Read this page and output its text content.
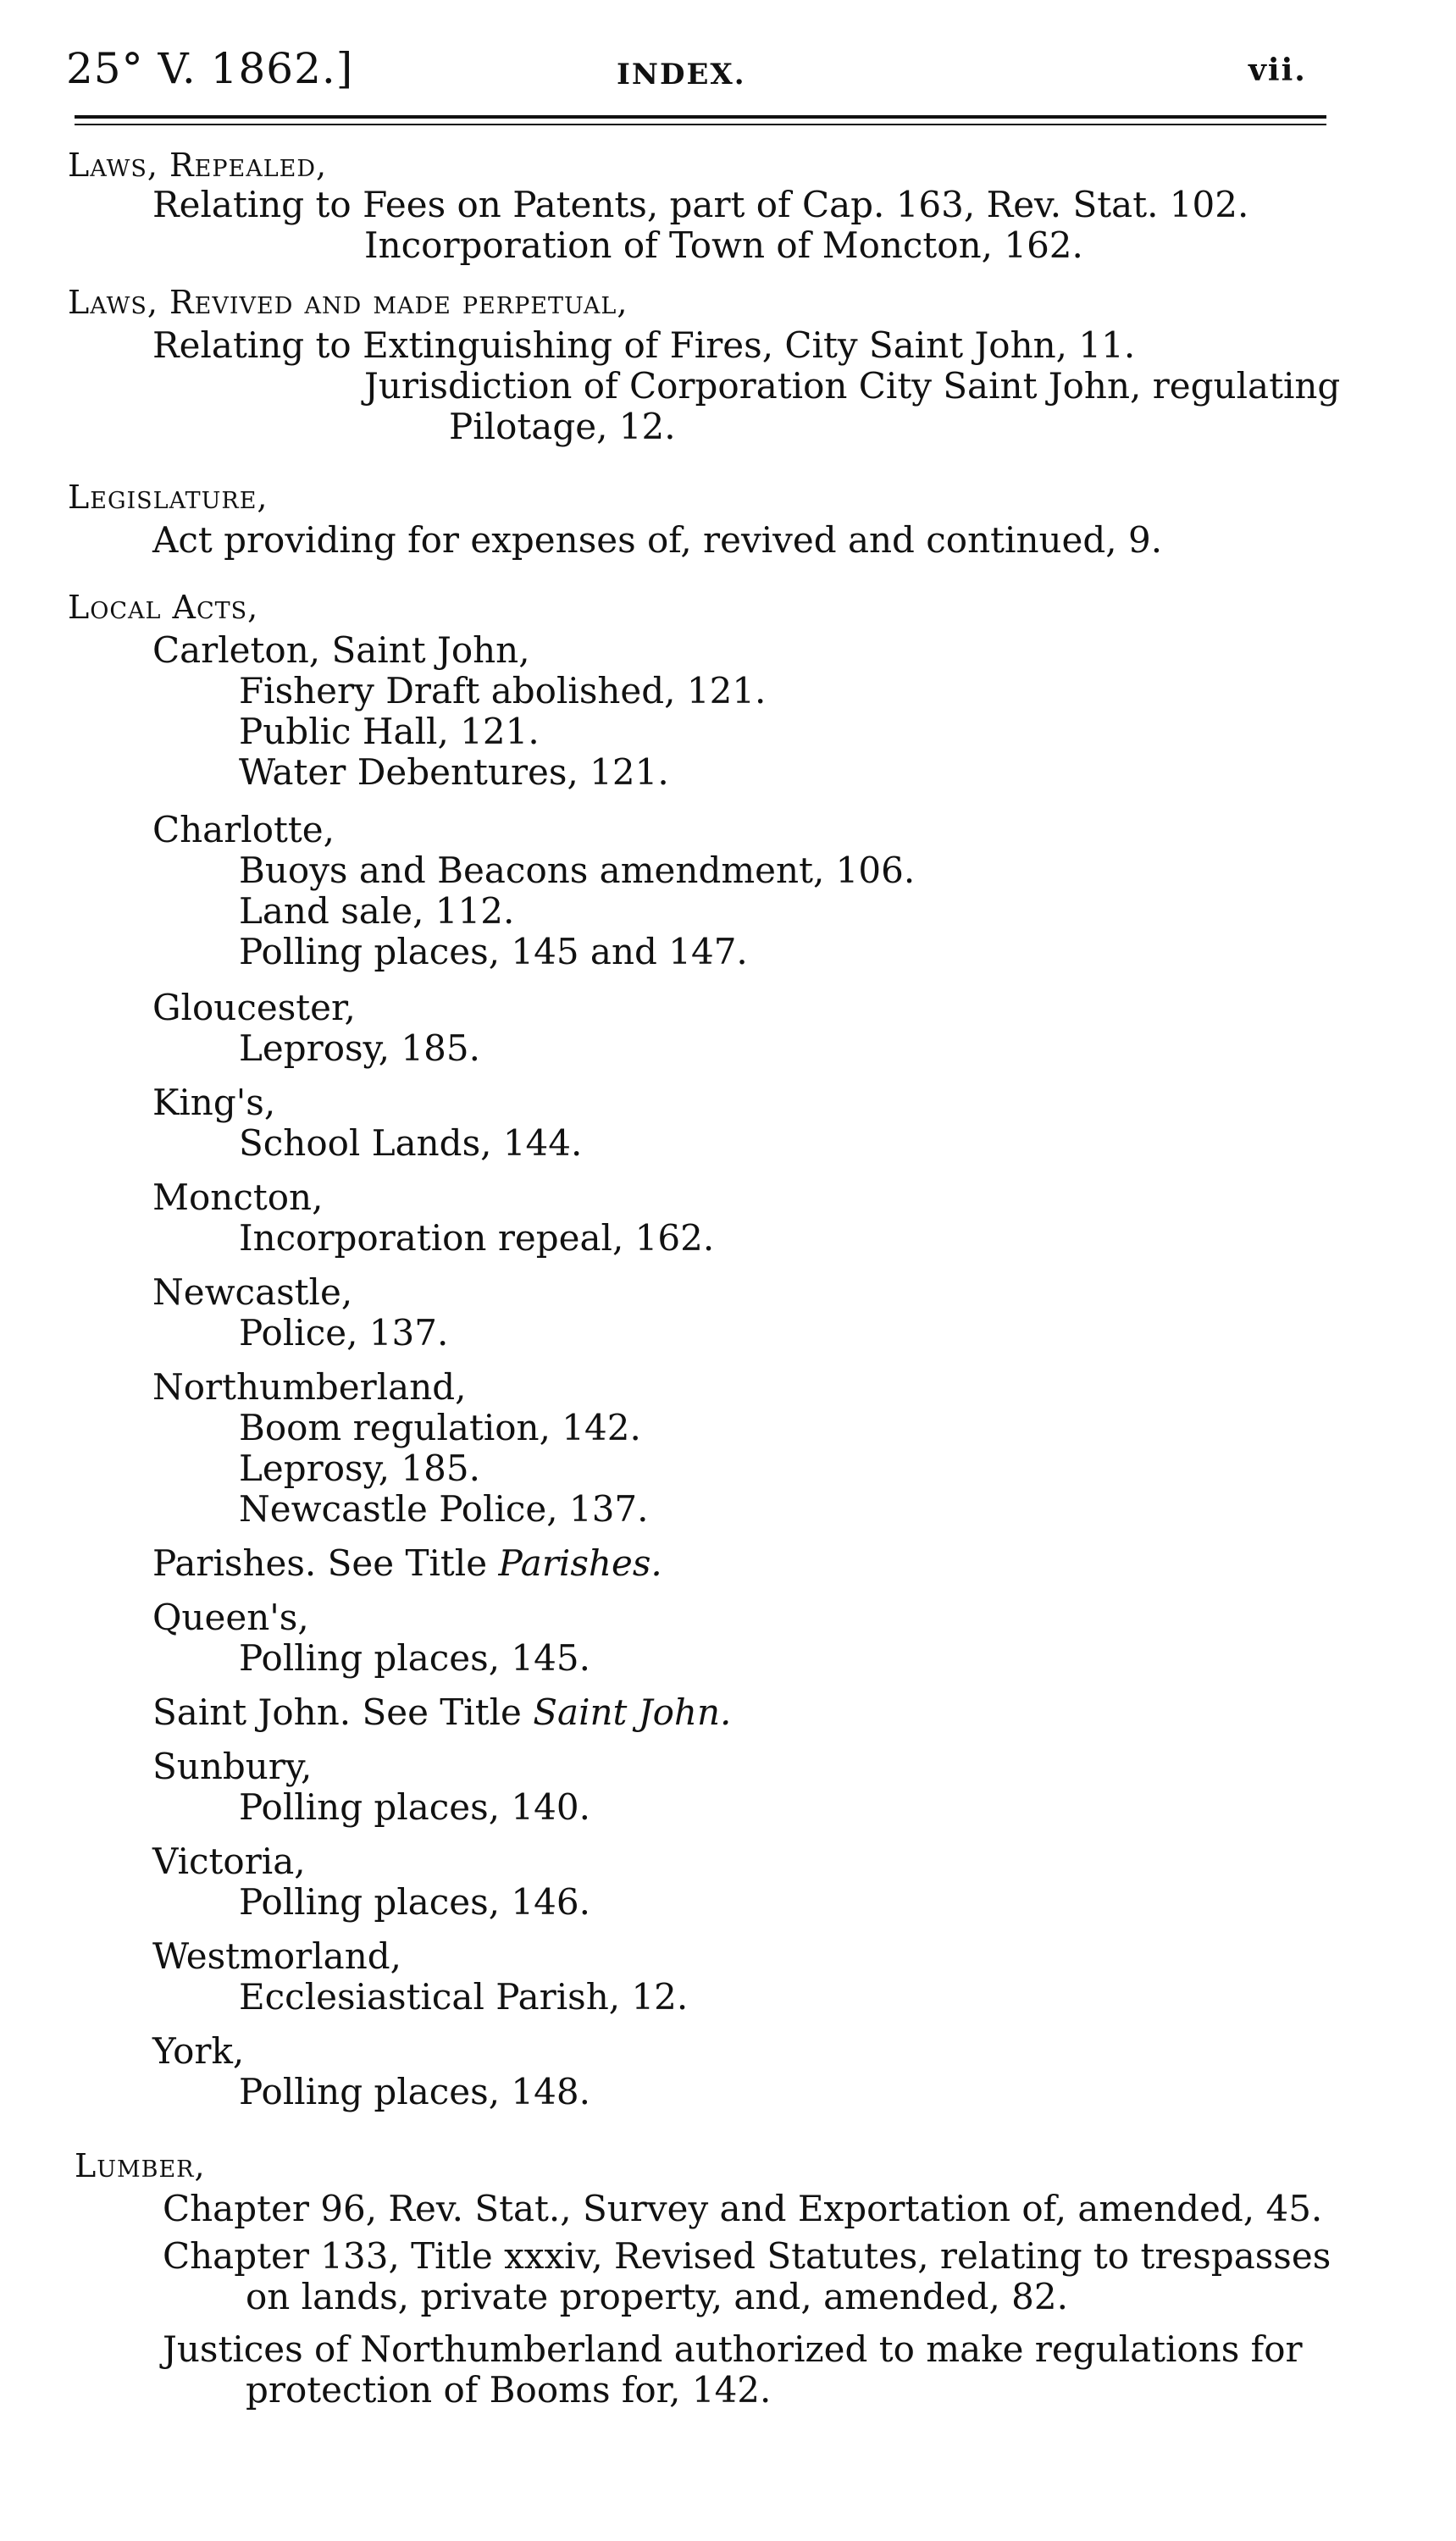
25° V. 1862.]	INDEX.	vii.
Laws, Repealed,
Relating to Fees on Patents, part of Cap. 163, Rev. Stat. 102.
Incorporation of Town of Moncton, 162.
Laws, Revived and made perpetual,
Relating to Extinguishing of Fires, City Saint John, 11.
Jurisdiction of Corporation City Saint John, regulating
Pilotage, 12.
Legislature,
Act providing for expenses of, revived and continued, 9.
Local Acts,
Carleton, Saint John,
Fishery Draft abolished, 121.
Public Hall, 121.
Water Debentures, 121.
Charlotte,
Buoys and Beacons amendment, 106.
Land sale, 112.
Polling places, 145 and 147.
Gloucester,
Leprosy, 185.
King's,
School Lands, 144.
Moncton,
Incorporation repeal, 162.
Newcastle,
Police, 137.
Northumberland,
Boom regulation, 142.
Leprosy, 185.
Newcastle Police, 137.
Parishes. See Title Parishes.
Queen's,
Polling places, 145.
Saint John. See Title Saint John.
Sunbury,
Polling places, 140.
Victoria,
Polling places, 146.
Westmorland,
Ecclesiastical Parish, 12.
York,
Polling places, 148.
Lumber,
Chapter 96, Rev. Stat., Survey and Exportation of, amended, 45.
Chapter 133, Title xxxiv, Revised Statutes, relating to trespasses
on lands, private property, and, amended, 82.
Justices of Northumberland authorized to make regulations for
protection of Booms for, 142.
